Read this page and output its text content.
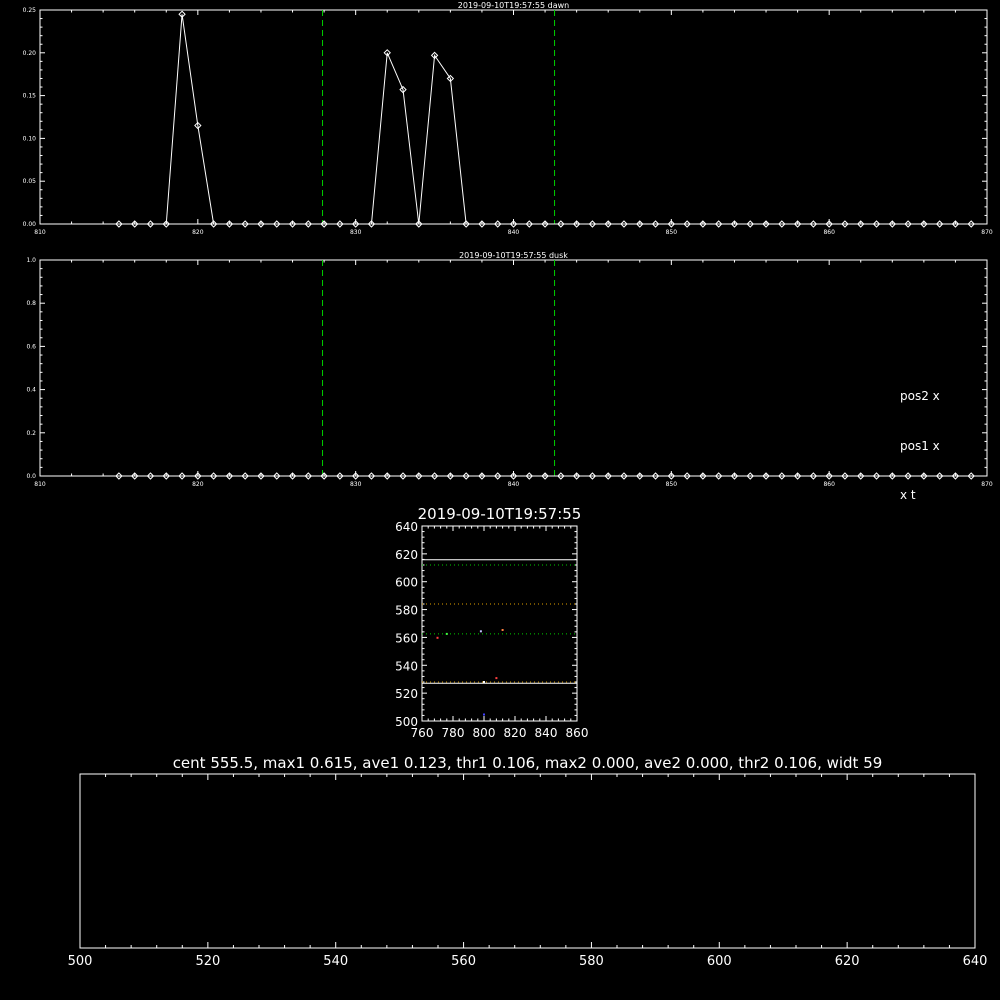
2019-09-10T19:57:55 dawn
810	820	830	840	850	860	870
0.00
0.05
0.10
0.15
0.20
0.25
2019-09-10T19:57:55 dusk
810	820	830	840	850	860	870
0.0
0.2
0.4
0.6
0.8
1.0
pos2 x
pos1 x
x t
2019-09-10T19:57:55
760 780 800 820 840 860
500
520
540
560
580
600
620
640
cent 555.5, max1 0.615, ave1 0.123, thr1 0.106, max2 0.000, ave2 0.000, thr2 0.106, widt 59
500	520	540	560	580	600	620	640
